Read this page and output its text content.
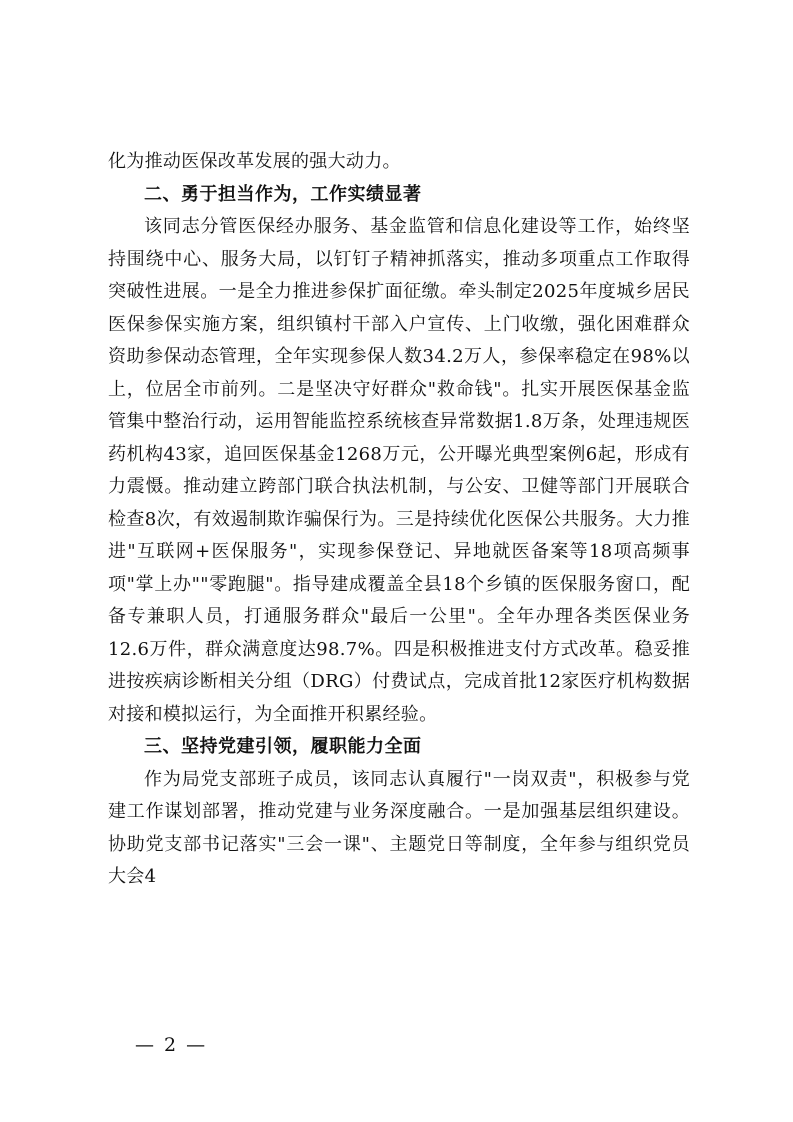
化为推动医保改革发展的强大动力。

二、勇于担当作为，工作实绩显著

该同志分管医保经办服务、基金监管和信息化建设等工作，始终坚持围绕中心、服务大局，以钉钉子精神抓落实，推动多项重点工作取得突破性进展。一是全力推进参保扩面征缴。牵头制定2025年度城乡居民医保参保实施方案，组织镇村干部入户宣传、上门收缴，强化困难群众资助参保动态管理，全年实现参保人数34.2万人，参保率稳定在98%以上，位居全市前列。二是坚决守好群众"救命钱"。扎实开展医保基金监管集中整治行动，运用智能监控系统核查异常数据1.8万条，处理违规医药机构43家，追回医保基金1268万元，公开曝光典型案例6起，形成有力震慑。推动建立跨部门联合执法机制，与公安、卫健等部门开展联合检查8次，有效遏制欺诈骗保行为。三是持续优化医保公共服务。大力推进"互联网+医保服务"，实现参保登记、异地就医备案等18项高频事项"掌上办""零跑腿"。指导建成覆盖全县18个乡镇的医保服务窗口，配备专兼职人员，打通服务群众"最后一公里"。全年办理各类医保业务12.6万件，群众满意度达98.7%。四是积极推进支付方式改革。稳妥推进按疾病诊断相关分组（DRG）付费试点，完成首批12家医疗机构数据对接和模拟运行，为全面推开积累经验。

三、坚持党建引领，履职能力全面

作为局党支部班子成员，该同志认真履行"一岗双责"，积极参与党建工作谋划部署，推动党建与业务深度融合。一是加强基层组织建设。协助党支部书记落实"三会一课"、主题党日等制度，全年参与组织党员大会4

— 2 —
